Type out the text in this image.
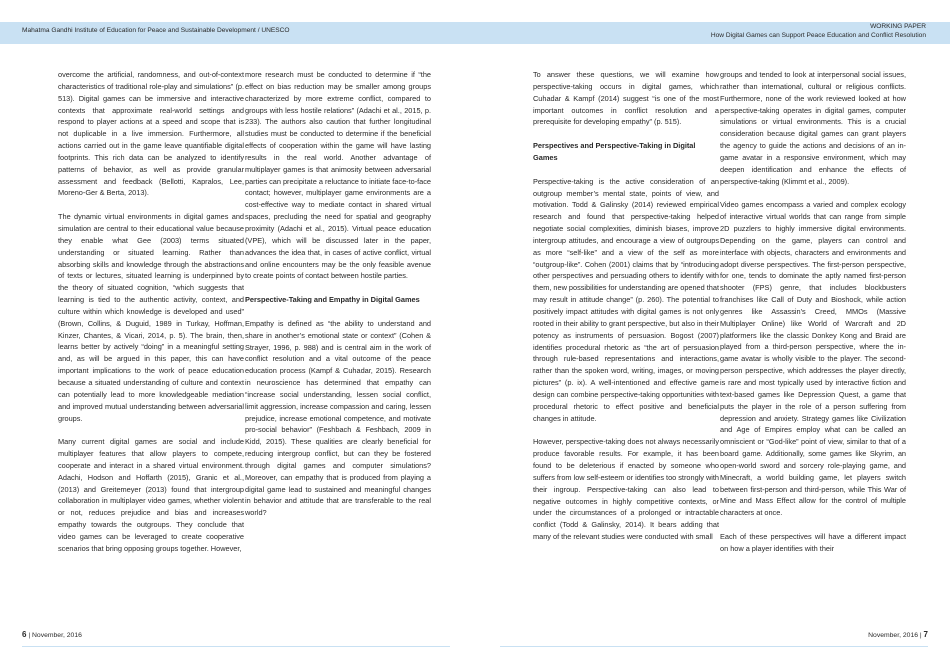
Mahatma Gandhi Institute of Education for Peace and Sustainable Development / UNESCO
WORKING PAPER
How Digital Games can Support Peace Education and Conflict Resolution

overcome the artificial, randomness, and out-of-context characteristics of traditional role-play and simulations” (p. 513). Digital games can be immersive and interactive contexts that approximate real-world settings and respond to player actions at a speed and scope that is not duplicable in a live immersion. Furthermore, all actions carried out in the game leave quantifiable digital footprints. This rich data can be analyzed to identify patterns of behavior, as well as provide granular assessment and feedback (Bellotti, Kapralos, Lee, Moreno-Ger & Berta, 2013).

The dynamic virtual environments in digital games and simulation are central to their educational value because they enable what Gee (2003) terms situated understanding or situated learning. Rather than absorbing skills and knowledge through the abstractions of texts or lectures, situated learning is underpinned by the theory of situated cognition, “which suggests that learning is tied to the authentic activity, context, and culture within which knowledge is developed and used” (Brown, Collins, & Duguid, 1989 in Turkay, Hoffman, Kinzer, Chantes, & Vicari, 2014, p. 5). The brain, then, learns better by actively “doing” in a meaningful setting and, as will be argued in this paper, this can have important implications to the work of peace education because a situated understanding of culture and context can potentially lead to more knowledgeable mediation and improved mutual understanding between adversarial groups.

Many current digital games are social and include multiplayer features that allow players to compete, cooperate and interact in a shared virtual environment. Adachi, Hodson and Hoffarth (2015), Granic et al., (2013) and Greitemeyer (2013) found that intergroup collaboration in multiplayer video games, whether violent or not, reduces prejudice and bias and increases empathy towards the outgroups. They conclude that video games can be leveraged to create cooperative scenarios that bring opposing groups together. However,

more research must be conducted to determine if “the effect on bias reduction may be smaller among groups characterized by more extreme conflict, compared to groups with less hostile relations” (Adachi et al., 2015, p. 233). The authors also caution that further longitudinal studies must be conducted to determine if the beneficial effects of cooperation within the game will have lasting results in the real world. Another advantage of multiplayer games is that animosity between adversarial parties can precipitate a reluctance to initiate face-to-face contact; however, multiplayer game environments are a cost-effective way to mediate contact in shared virtual spaces, precluding the need for spatial and geography proximity (Adachi et al., 2015). Virtual peace education (VPE), which will be discussed later in the paper, advances the idea that, in cases of active conflict, virtual and online encounters may be the only feasible avenue to create points of contact between hostile parties.

Perspective-Taking and Empathy in Digital Games

Empathy is defined as “the ability to understand and share in another’s emotional state or context” (Cohen & Strayer, 1996, p. 988) and is central aim in the work of conflict resolution and a vital outcome of the peace education process (Kampf & Cuhadar, 2015). Research in neuroscience has determined that empathy can “increase social understanding, lessen social conflict, limit aggression, increase compassion and caring, lessen prejudice, increase emotional competence, and motivate pro-social behavior” (Feshbach & Feshbach, 2009 in Kidd, 2015). These qualities are clearly beneficial for reducing intergroup conflict, but can they be fostered through digital games and computer simulations? Moreover, can empathy that is produced from playing a digital game lead to sustained and meaningful changes in behavior and attitude that are transferable to the real world?

To answer these questions, we will examine how perspective-taking occurs in digital games, which Cuhadar & Kampf (2014) suggest “is one of the most important outcomes in conflict resolution and a prerequisite for developing empathy” (p. 515).

Perspectives and Perspective-Taking in Digital Games

Perspective-taking is the active consideration of an outgroup member’s mental state, points of view, and motivation. Todd & Galinsky (2014) reviewed empirical research and found that perspective-taking helped negotiate social complexities, diminish biases, improve intergroup attitudes, and encourage a view of outgroups as more “self-like” and a view of the self as more “outgroup-like”. Cohen (2001) claims that by “introducing other perspectives and persuading others to identify with them, new possibilities for understanding are opened that may result in attitude change” (p. 260). The potential to positively impact attitudes with digital games is not only rooted in their ability to grant perspective, but also in their potency as instruments of persuasion. Bogost (2007) identifies procedural rhetoric as “the art of persuasion through rule-based representations and interactions, rather than the spoken word, writing, images, or moving pictures” (p. ix). A well-intentioned and effective game design can combine perspective-taking opportunities with procedural rhetoric to effect positive and beneficial changes in attitude.

However, perspective-taking does not always necessarily produce favorable results. For example, it has been found to be deleterious if enacted by someone who suffers from low self-esteem or identifies too strongly with their ingroup. Perspective-taking can also lead to negative outcomes in highly competitive contexts, or under the circumstances of a prolonged or intractable conflict (Todd & Galinsky, 2014). It bears adding that many of the relevant studies were conducted with small

groups and tended to look at interpersonal social issues, rather than international, cultural or religious conflicts. Furthermore, none of the work reviewed looked at how perspective-taking operates in digital games, computer simulations or virtual environments. This is a crucial consideration because digital games can grant players the agency to guide the actions and decisions of an in-game avatar in a responsive environment, which may deepen identification and enhance the effects of perspective-taking (Klimmt et al., 2009).

Video games encompass a varied and complex ecology of interactive virtual worlds that can range from simple 2D puzzlers to highly immersive digital environments. Depending on the game, players can control and interface with objects, characters and environments and adopt diverse perspectives. The first-person perspective, for one, tends to dominate the aptly named first-person shooter (FPS) genre, that includes blockbusters franchises like Call of Duty and Bioshock, while action genres like Assassin’s Creed, MMOs (Massive Multiplayer Online) like World of Warcraft and 2D platformers like the classic Donkey Kong and Braid are played from a third-person perspective, where the in-game avatar is wholly visible to the player. The second-person perspective, which addresses the player directly, is rare and most typically used by interactive fiction and text-based games like Depression Quest, a game that puts the player in the role of a person suffering from depression and anxiety. Strategy games like Civilization and Age of Empires employ what can be called an omniscient or “God-like” point of view, similar to that of a board game. Additionally, some games like Skyrim, an open-world sword and sorcery role-playing game, and Minecraft, a world building game, let players switch between first-person and third-person, while This War of Mine and Mass Effect allow for the control of multiple characters at once.

Each of these perspectives will have a different impact on how a player identifies with their

6 | November, 2016	November, 2016 | 7
